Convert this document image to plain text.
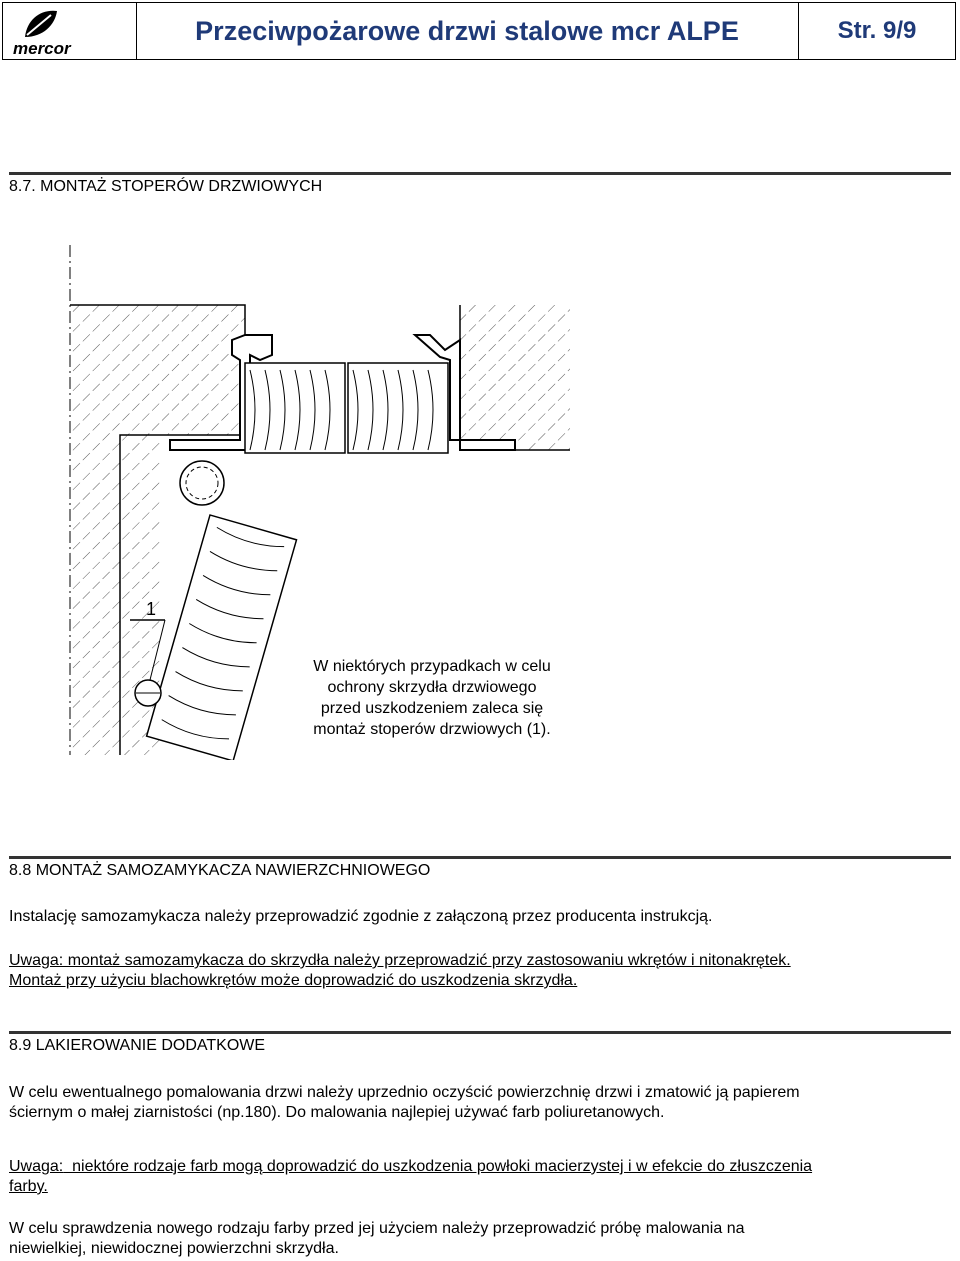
mercor
Przeciwpożarowe drzwi stalowe mcr ALPE	Str. 9/9
8.7. MONTAŻ STOPERÓW DRZWIOWYCH
1
W niektórych przypadkach w celu
ochrony skrzydła drzwiowego
przed uszkodzeniem zaleca się
montaż stoperów drzwiowych (1).
8.8 MONTAŻ SAMOZAMYKACZA NAWIERZCHNIOWEGO
Instalację samozamykacza należy przeprowadzić zgodnie z załączoną przez producenta instrukcją.
Uwaga: montaż samozamykacza do skrzydła należy przeprowadzić przy zastosowaniu wkrętów i nitonakrętek.
Montaż przy użyciu blachowkrętów może doprowadzić do uszkodzenia skrzydła.
8.9 LAKIEROWANIE DODATKOWE
W celu ewentualnego pomalowania drzwi należy uprzednio oczyścić powierzchnię drzwi i zmatowić ją papierem
ściernym o małej ziarnistości (np.180). Do malowania najlepiej używać farb poliuretanowych.
Uwaga:  niektóre rodzaje farb mogą doprowadzić do uszkodzenia powłoki macierzystej i w efekcie do złuszczenia
farby.
W celu sprawdzenia nowego rodzaju farby przed jej użyciem należy przeprowadzić próbę malowania na
niewielkiej, niewidocznej powierzchni skrzydła.
